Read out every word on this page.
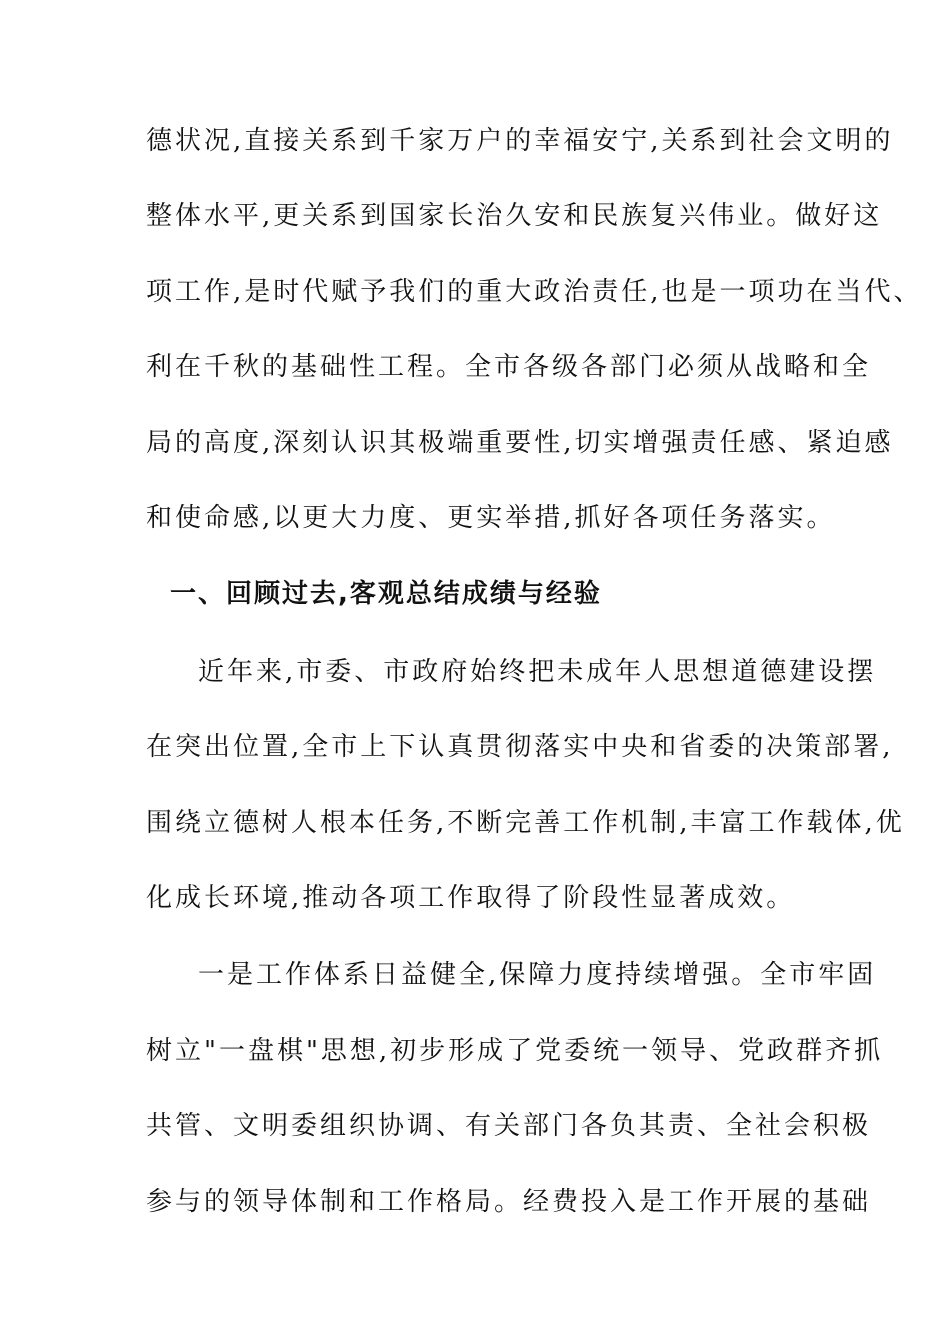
德状况,直接关系到千家万户的幸福安宁,关系到社会文明的
整体水平,更关系到国家长治久安和民族复兴伟业。做好这
项工作,是时代赋予我们的重大政治责任,也是一项功在当代、
利在千秋的基础性工程。全市各级各部门必须从战略和全
局的高度,深刻认识其极端重要性,切实增强责任感、紧迫感
和使命感,以更大力度、更实举措,抓好各项任务落实。
一、回顾过去,客观总结成绩与经验
近年来,市委、市政府始终把未成年人思想道德建设摆
在突出位置,全市上下认真贯彻落实中央和省委的决策部署,
围绕立德树人根本任务,不断完善工作机制,丰富工作载体,优
化成长环境,推动各项工作取得了阶段性显著成效。
一是工作体系日益健全,保障力度持续增强。全市牢固
树立"一盘棋"思想,初步形成了党委统一领导、党政群齐抓
共管、文明委组织协调、有关部门各负其责、全社会积极
参与的领导体制和工作格局。经费投入是工作开展的基础
